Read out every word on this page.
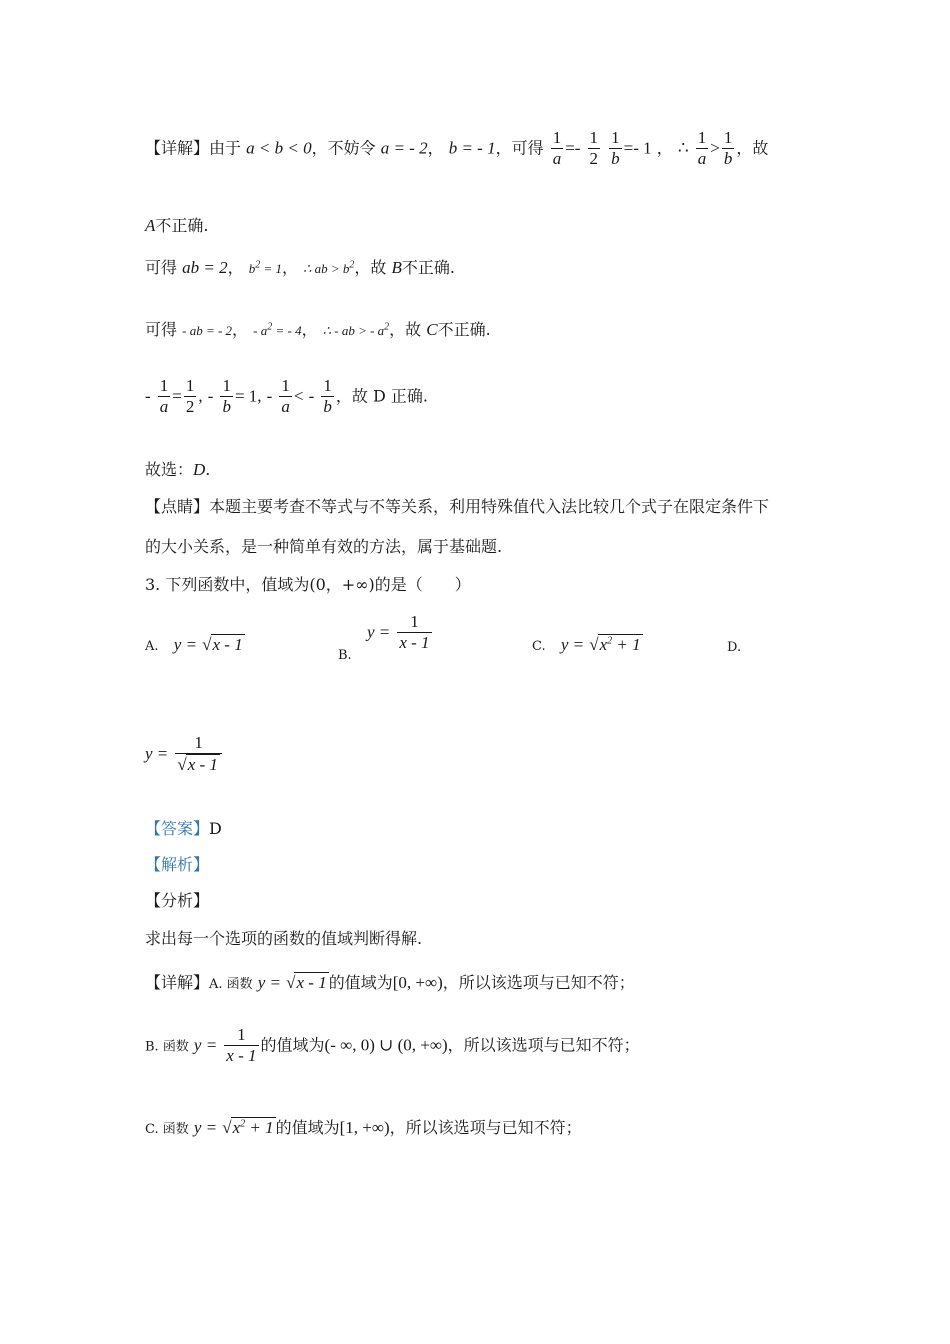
【详解】由于 a < b < 0，不妨令 a = - 2， b = - 1，可得 $\frac{1}{a} =- \frac{1}{2}$
$\frac{1}{b} =- 1$ ， ∴ $\frac{1}{a} > \frac{1}{b}$ ，故
A不正确.
可得 ab = 2， $b^2 = 1$， ∴ ab > $b^2$，故 B不正确.
可得 - ab = - 2， - $a^2$ = - 4， ∴ - ab > - $a^2$，故 C不正确.
- $\frac{1}{a} = \frac{1}{2}$ , - $\frac{1}{b} = 1$, - $\frac{1}{a}$ < - $\frac{1}{b}$ ，故 D 正确.
故选：D.
【点睛】本题主要考查不等式与不等关系，利用特殊值代入法比较几个式子在限定条件下
的大小关系，是一种简单有效的方法，属于基础题.
3. 下列函数中，值域为(0，+∞)的是（　　）
A. y = √x - 1
$_{B.}$   $y = \frac{1}{x - 1}$	C. $y = √x^2 + 1$	D.
$y = \frac{1}{√x - 1}$
【答案】D
【解析】
【分析】
求出每一个选项的函数的值域判断得解.
【详解】A. 函数 y = √x - 1 的值域为[0, +∞)，所以该选项与已知不符；
B. 函数 $y = \frac{1}{x - 1}$ 的值域为(- ∞, 0) ∪ (0, +∞)，所以该选项与已知不符；
C. 函数 $y = √x^2 + 1$ 的值域为[1, +∞)，所以该选项与已知不符；
